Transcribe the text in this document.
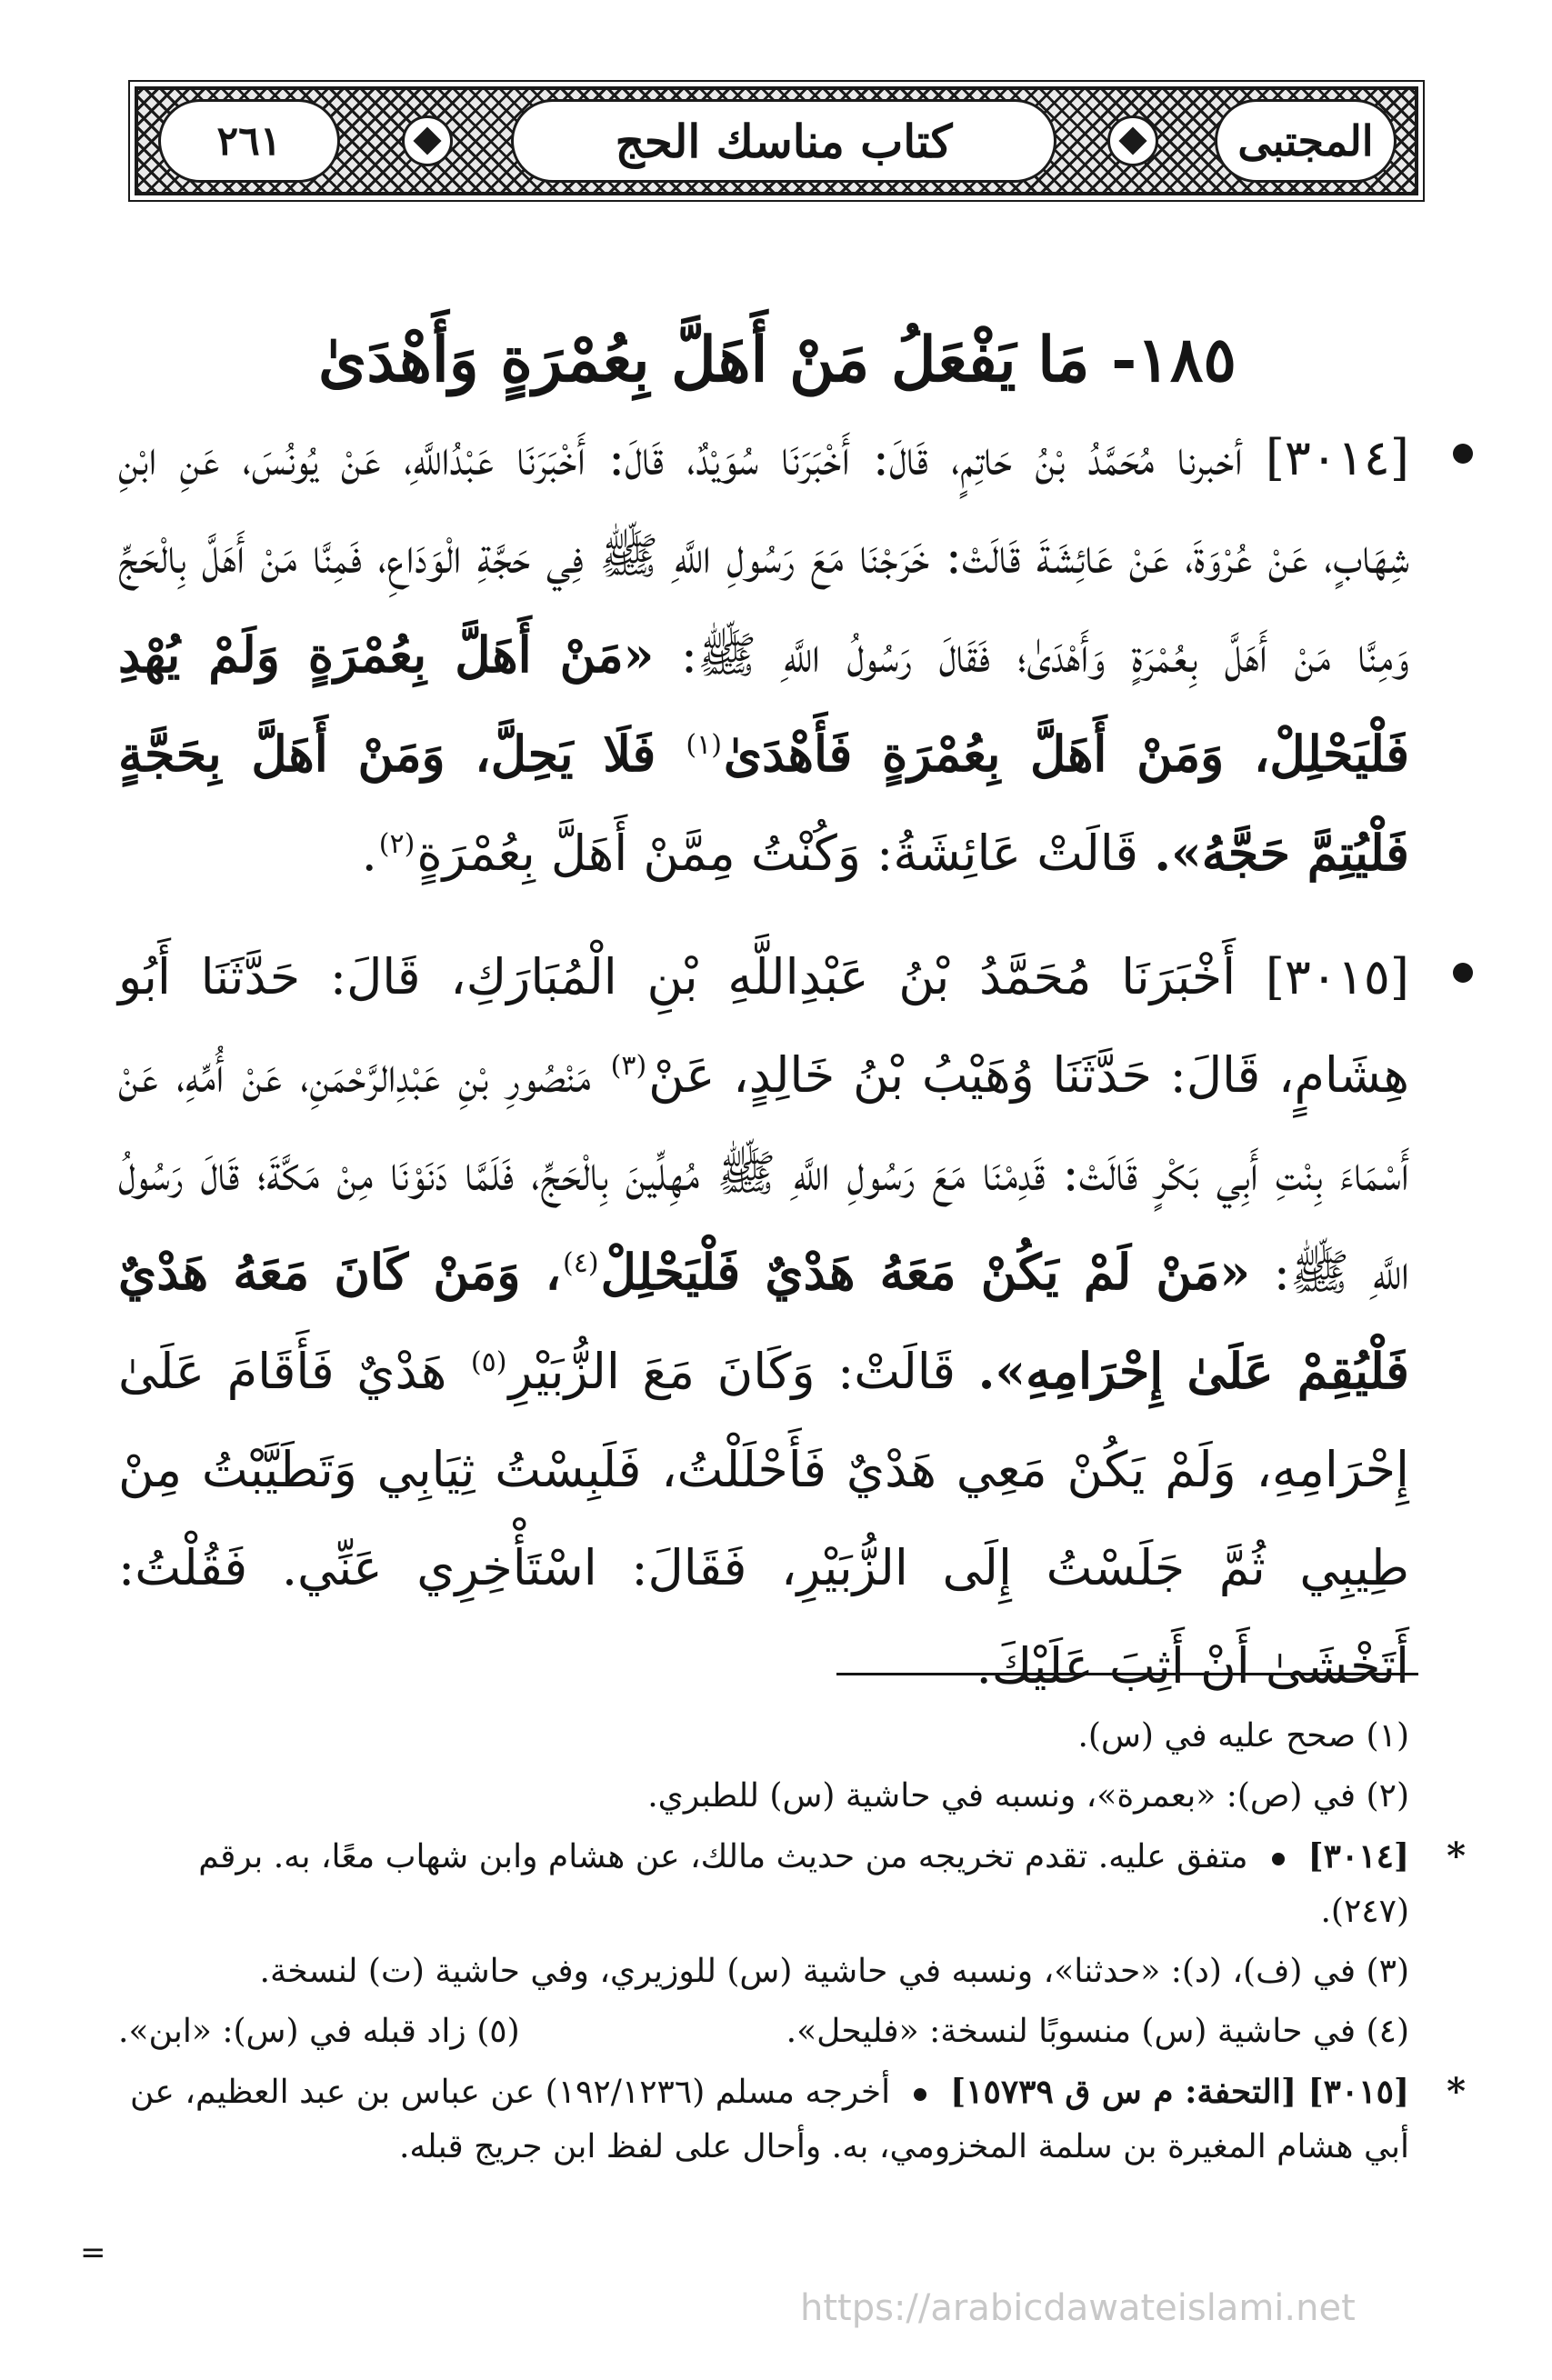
المجتبى
كتاب مناسك الحج
٢٦١
١٨٥- مَا يَفْعَلُ مَنْ أَهَلَّ بِعُمْرَةٍ وَأَهْدَىٰ

[٣٠١٤] أخبرنا مُحَمَّدُ بْنُ حَاتِمٍ، قَالَ: أَخْبَرَنَا سُوَيْدٌ، قَالَ: أَخْبَرَنَا عَبْدُاللَّهِ، عَنْ يُونُسَ، عَنِ ابْنِ شِهَابٍ، عَنْ عُرْوَةَ، عَنْ عَائِشَةَ قَالَتْ: خَرَجْنَا مَعَ رَسُولِ اللَّهِ ﷺ فِي حَجَّةِ الْوَدَاعِ، فَمِنَّا مَنْ أَهَلَّ بِالْحَجِّ وَمِنَّا مَنْ أَهَلَّ بِعُمْرَةٍ وَأَهْدَىٰ؛ فَقَالَ رَسُولُ اللَّهِ ﷺ: «مَنْ أَهَلَّ بِعُمْرَةٍ وَلَمْ يُهْدِ فَلْيَحْلِلْ، وَمَنْ أَهَلَّ بِعُمْرَةٍ فَأَهْدَىٰ$^{(١)}$ فَلَا يَحِلَّ، وَمَنْ أَهَلَّ بِحَجَّةٍ فَلْيُتِمَّ حَجَّهُ». قَالَتْ عَائِشَةُ: وَكُنْتُ مِمَّنْ أَهَلَّ بِعُمْرَةٍ$^{(٢)}$.

[٣٠١٥] أَخْبَرَنَا مُحَمَّدُ بْنُ عَبْدِاللَّهِ بْنِ الْمُبَارَكِ، قَالَ: حَدَّثَنَا أَبُو هِشَامٍ، قَالَ: حَدَّثَنَا وُهَيْبُ بْنُ خَالِدٍ، عَنْ$^{(٣)}$ مَنْصُورِ بْنِ عَبْدِالرَّحْمَنِ، عَنْ أُمِّهِ، عَنْ أَسْمَاءَ بِنْتِ أَبِي بَكْرٍ قَالَتْ: قَدِمْنَا مَعَ رَسُولِ اللَّهِ ﷺ مُهِلِّينَ بِالْحَجِّ، فَلَمَّا دَنَوْنَا مِنْ مَكَّةَ؛ قَالَ رَسُولُ اللَّهِ ﷺ: «مَنْ لَمْ يَكُنْ مَعَهُ هَدْيٌ فَلْيَحْلِلْ$^{(٤)}$، وَمَنْ كَانَ مَعَهُ هَدْيٌ فَلْيُقِمْ عَلَىٰ إِحْرَامِهِ». قَالَتْ: وَكَانَ مَعَ الزُّبَيْرِ$^{(٥)}$ هَدْيٌ فَأَقَامَ عَلَىٰ إِحْرَامِهِ، وَلَمْ يَكُنْ مَعِي هَدْيٌ فَأَحْلَلْتُ، فَلَبِسْتُ ثِيَابِي وَتَطَيَّبْتُ مِنْ طِيبِي ثُمَّ جَلَسْتُ إِلَى الزُّبَيْرِ، فَقَالَ: اسْتَأْخِرِي عَنِّي. فَقُلْتُ: أَتَخْشَىٰ أَنْ أَثِبَ عَلَيْكَ.

(١) صحح عليه في (س).
(٢) في (ص): «بعمرة»، ونسبه في حاشية (س) للطبري.
*
[٣٠١٤]متفق عليه. تقدم تخريجه من حديث مالك، عن هشام وابن شهاب معًا، به. برقم (٢٤٧).
(٣) في (ف)، (د): «حدثنا»، ونسبه في حاشية (س) للوزيري، وفي حاشية (ت) لنسخة.
(٤) في حاشية (س) منسوبًا لنسخة: «فليحل».
(٥) زاد قبله في (س): «ابن».
*
[٣٠١٥] [التحفة: م س ق ١٥٧٣٩]أخرجه مسلم (١٩٢/١٢٣٦) عن عباس بن عبد العظيم، عن أبي هشام المغيرة بن سلمة المخزومي، به. وأحال على لفظ ابن جريج قبله.
=
https://arabicdawateislami.net
